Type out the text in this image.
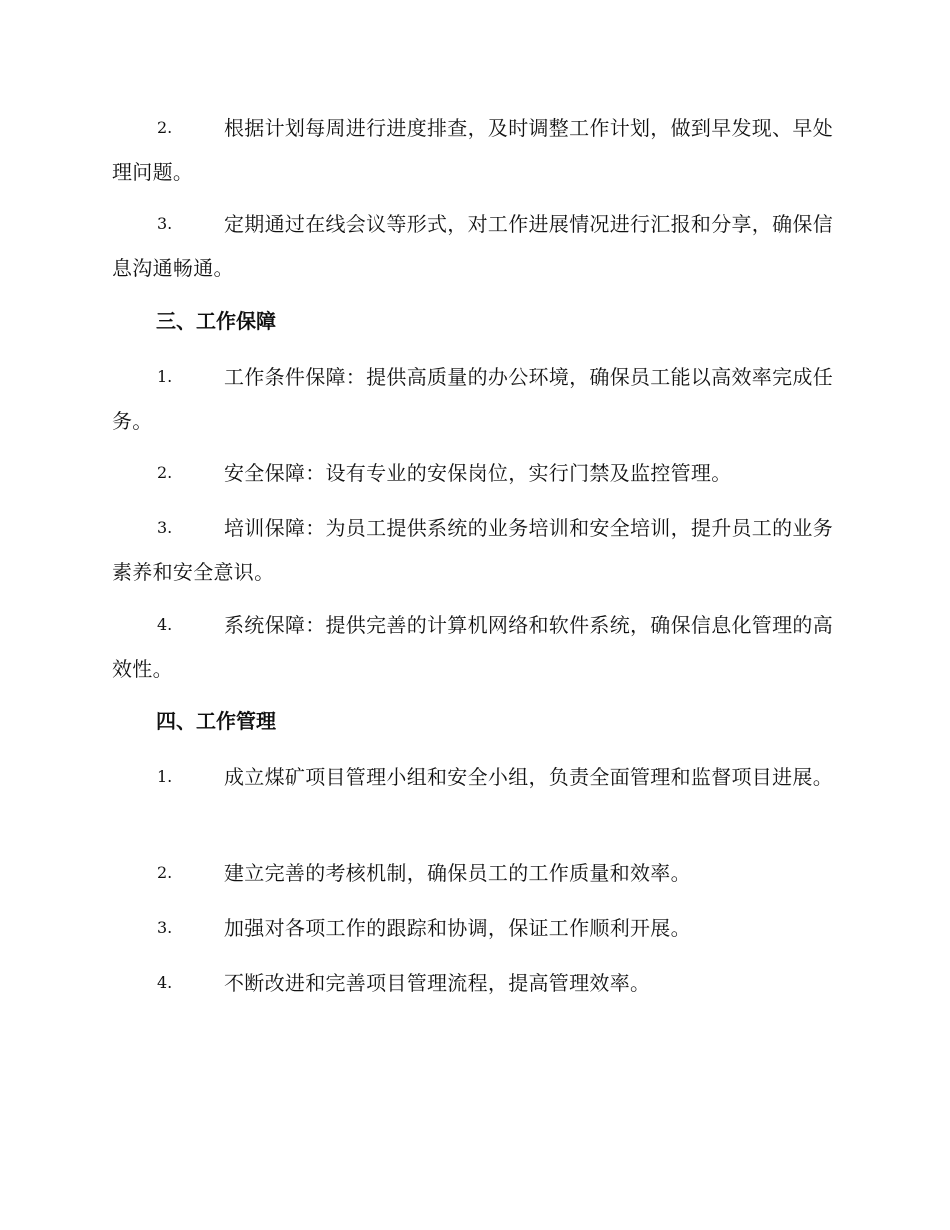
2.	根据计划每周进行进度排查，及时调整工作计划，做到早发现、早处理问题。
3.	定期通过在线会议等形式，对工作进展情况进行汇报和分享，确保信息沟通畅通。
三、工作保障
1.	工作条件保障：提供高质量的办公环境，确保员工能以高效率完成任务。
2.	安全保障：设有专业的安保岗位，实行门禁及监控管理。
3.	培训保障：为员工提供系统的业务培训和安全培训，提升员工的业务素养和安全意识。
4.	系统保障：提供完善的计算机网络和软件系统，确保信息化管理的高效性。
四、工作管理
1.	成立煤矿项目管理小组和安全小组，负责全面管理和监督项目进展。
2.	建立完善的考核机制，确保员工的工作质量和效率。
3.	加强对各项工作的跟踪和协调，保证工作顺利开展。
4.	不断改进和完善项目管理流程，提高管理效率。
